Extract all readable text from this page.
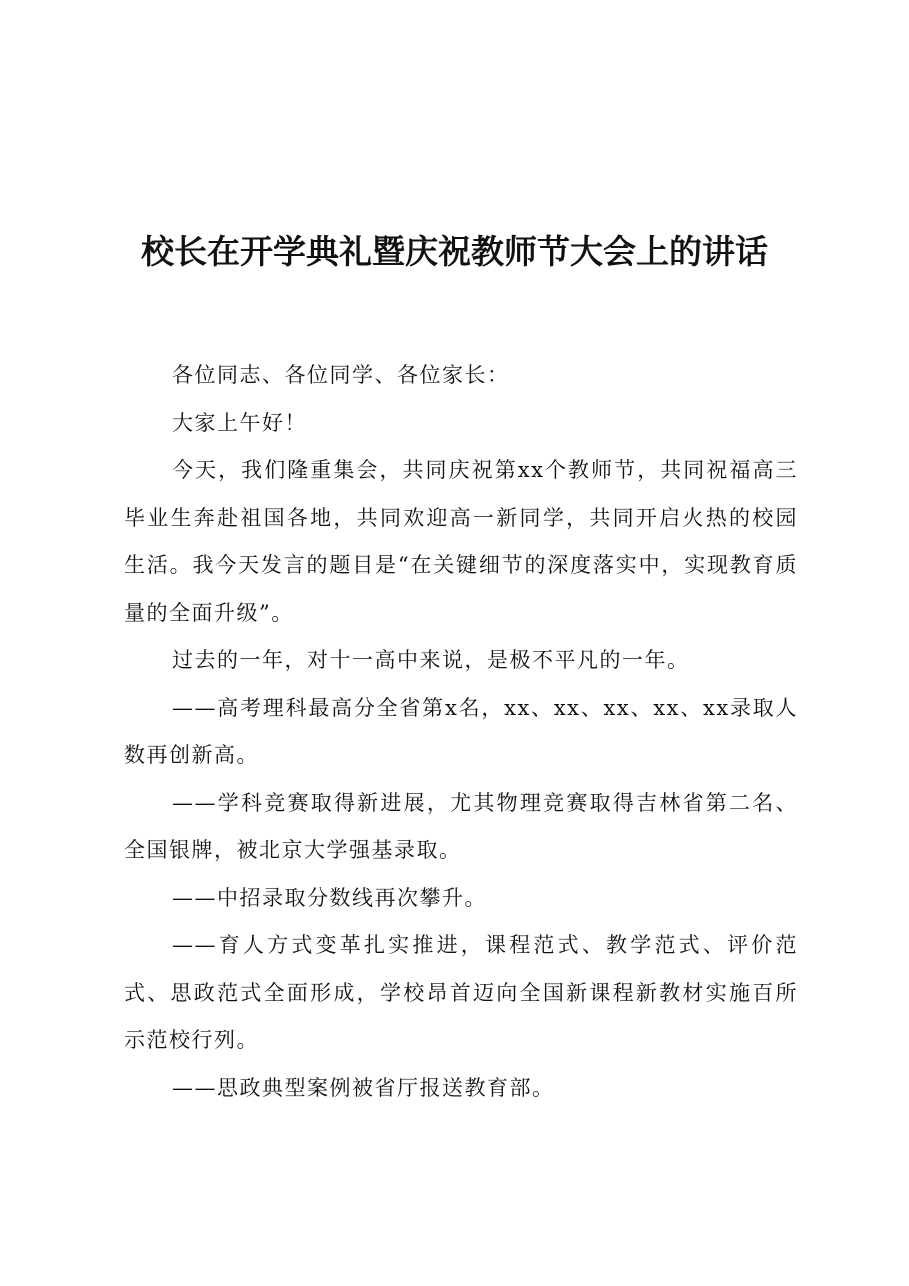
校长在开学典礼暨庆祝教师节大会上的讲话

各位同志、各位同学、各位家长：

大家上午好！

今天，我们隆重集会，共同庆祝第xx个教师节，共同祝福高三毕业生奔赴祖国各地，共同欢迎高一新同学，共同开启火热的校园生活。我今天发言的题目是“在关键细节的深度落实中，实现教育质量的全面升级”。

过去的一年，对十一高中来说，是极不平凡的一年。

——高考理科最高分全省第x名，xx、xx、xx、xx、xx录取人数再创新高。

——学科竞赛取得新进展，尤其物理竞赛取得吉林省第二名、全国银牌，被北京大学强基录取。

——中招录取分数线再次攀升。

——育人方式变革扎实推进，课程范式、教学范式、评价范式、思政范式全面形成，学校昂首迈向全国新课程新教材实施百所示范校行列。

——思政典型案例被省厅报送教育部。
